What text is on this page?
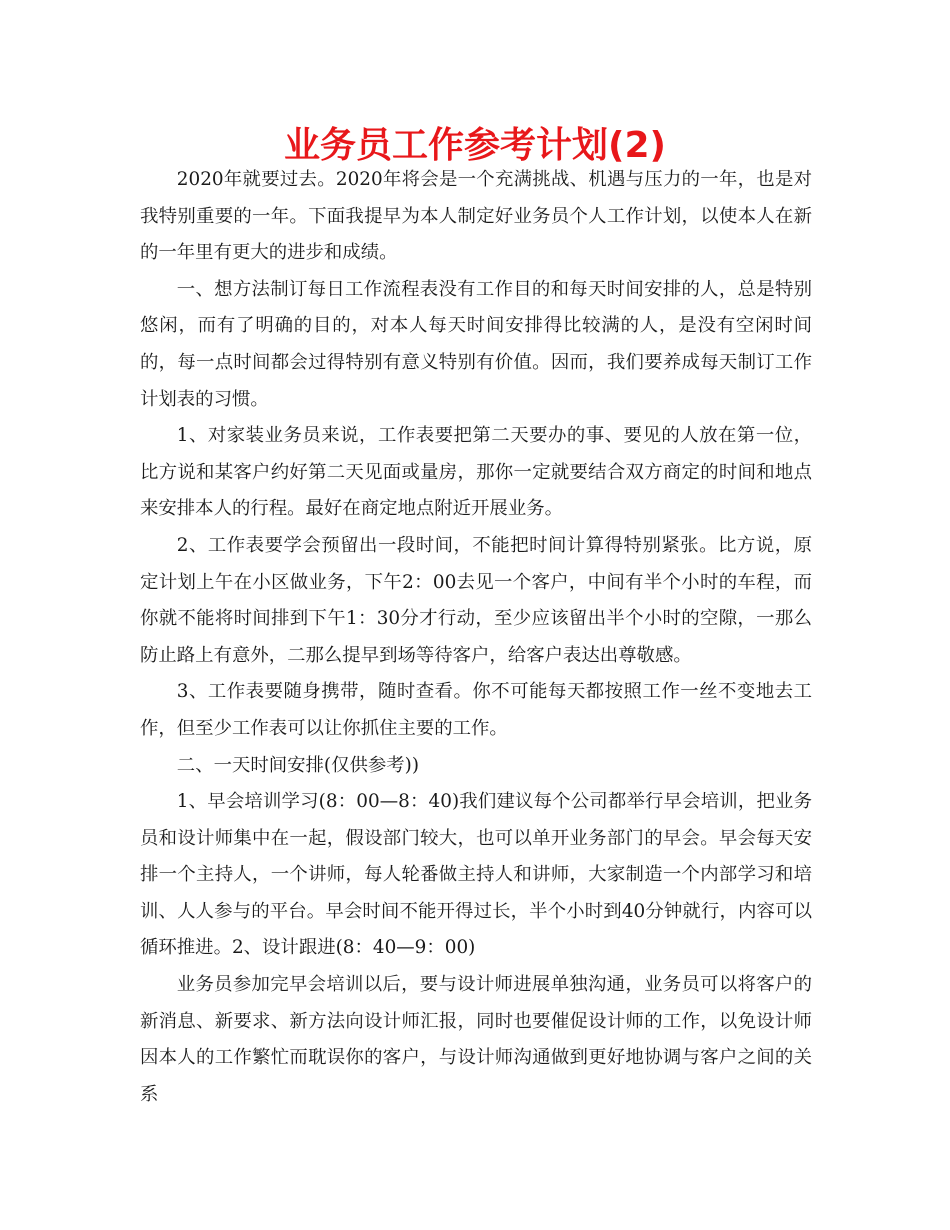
业务员工作参考计划(2)

2020年就要过去。2020年将会是一个充满挑战、机遇与压力的一年，也是对我特别重要的一年。下面我提早为本人制定好业务员个人工作计划，以使本人在新的一年里有更大的进步和成绩。

一、想方法制订每日工作流程表没有工作目的和每天时间安排的人，总是特别悠闲，而有了明确的目的，对本人每天时间安排得比较满的人，是没有空闲时间的，每一点时间都会过得特别有意义特别有价值。因而，我们要养成每天制订工作计划表的习惯。

1、对家装业务员来说，工作表要把第二天要办的事、要见的人放在第一位，比方说和某客户约好第二天见面或量房，那你一定就要结合双方商定的时间和地点来安排本人的行程。最好在商定地点附近开展业务。

2、工作表要学会预留出一段时间，不能把时间计算得特别紧张。比方说，原定计划上午在小区做业务，下午2：00去见一个客户，中间有半个小时的车程，而你就不能将时间排到下午1：30分才行动，至少应该留出半个小时的空隙，一那么防止路上有意外，二那么提早到场等待客户，给客户表达出尊敬感。

3、工作表要随身携带，随时查看。你不可能每天都按照工作一丝不变地去工作，但至少工作表可以让你抓住主要的工作。

二、一天时间安排(仅供参考))

1、早会培训学习(8：00—8：40)我们建议每个公司都举行早会培训，把业务员和设计师集中在一起，假设部门较大，也可以单开业务部门的早会。早会每天安排一个主持人，一个讲师，每人轮番做主持人和讲师，大家制造一个内部学习和培训、人人参与的平台。早会时间不能开得过长，半个小时到40分钟就行，内容可以循环推进。2、设计跟进(8：40—9：00)

业务员参加完早会培训以后，要与设计师进展单独沟通，业务员可以将客户的新消息、新要求、新方法向设计师汇报，同时也要催促设计师的工作，以免设计师因本人的工作繁忙而耽误你的客户，与设计师沟通做到更好地协调与客户之间的关系
